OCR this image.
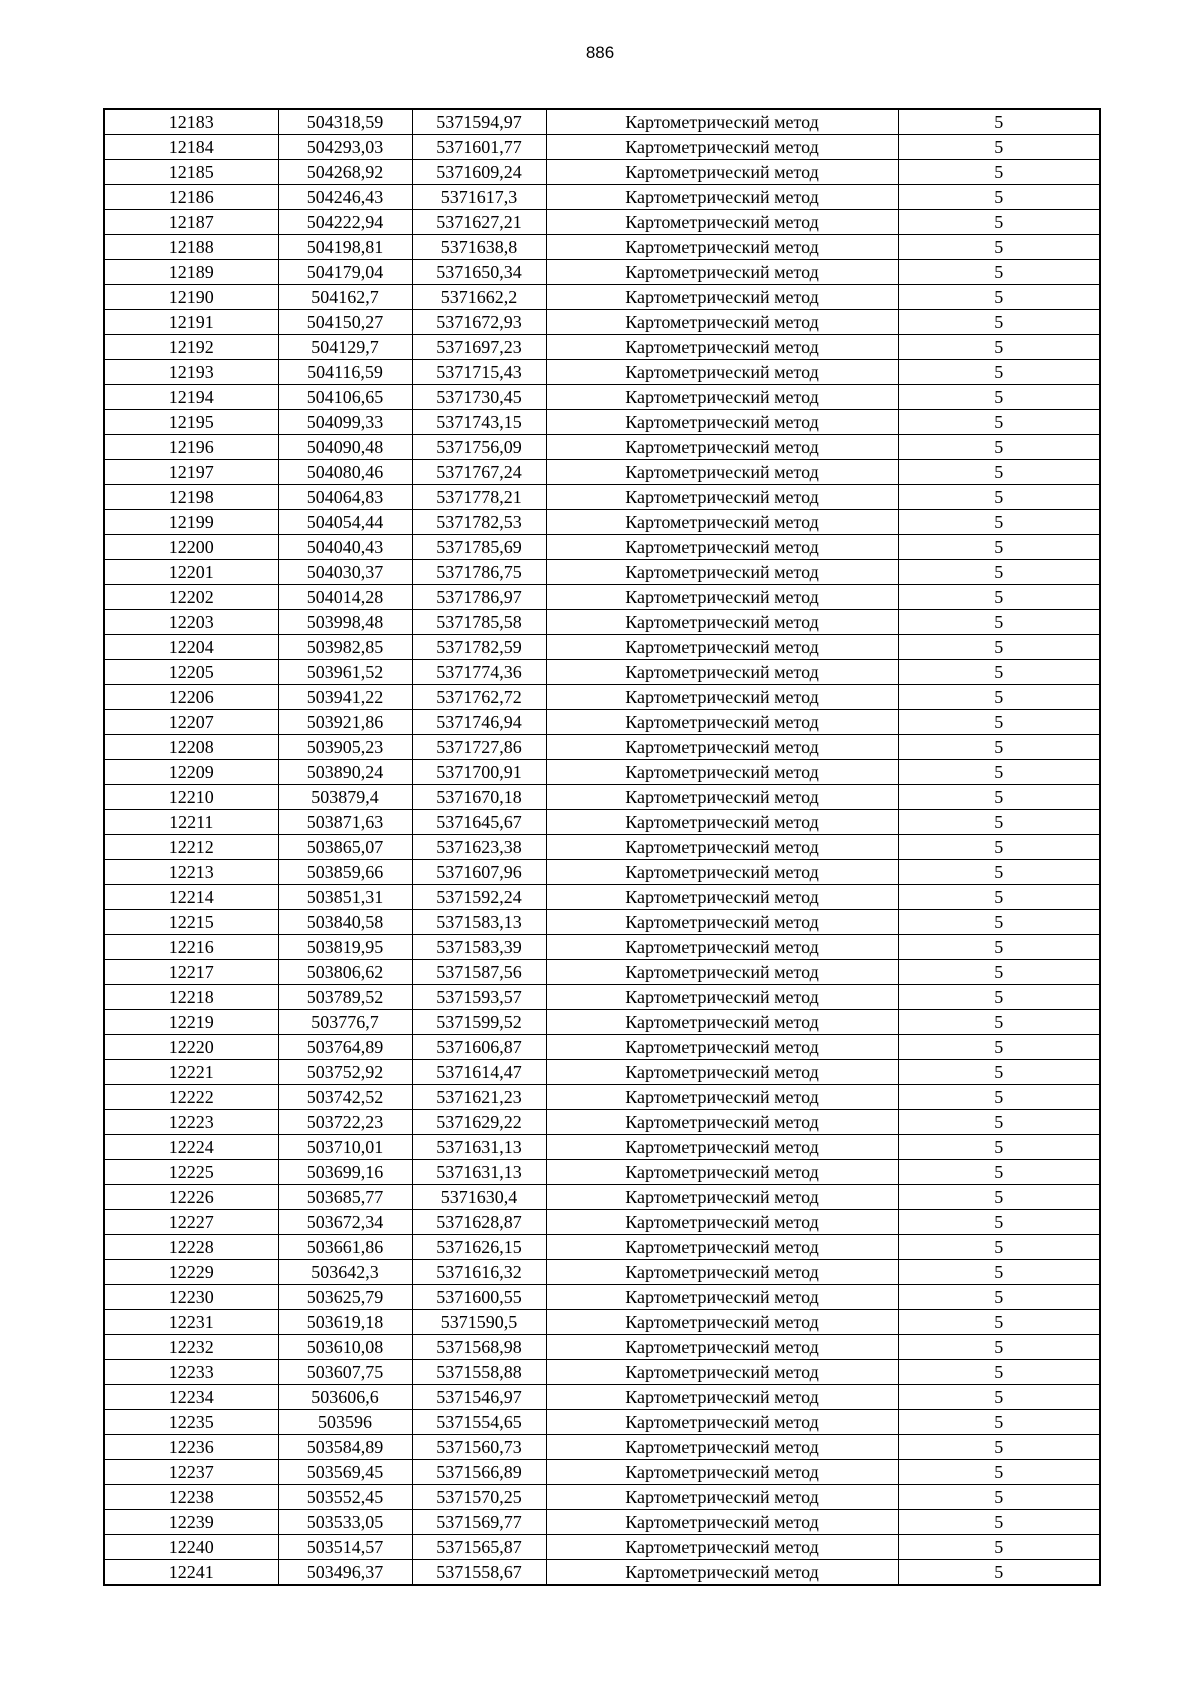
886
12183	504318,59	5371594,97	Картометрический метод	5
12184	504293,03	5371601,77	Картометрический метод	5
12185	504268,92	5371609,24	Картометрический метод	5
12186	504246,43	5371617,3	Картометрический метод	5
12187	504222,94	5371627,21	Картометрический метод	5
12188	504198,81	5371638,8	Картометрический метод	5
12189	504179,04	5371650,34	Картометрический метод	5
12190	504162,7	5371662,2	Картометрический метод	5
12191	504150,27	5371672,93	Картометрический метод	5
12192	504129,7	5371697,23	Картометрический метод	5
12193	504116,59	5371715,43	Картометрический метод	5
12194	504106,65	5371730,45	Картометрический метод	5
12195	504099,33	5371743,15	Картометрический метод	5
12196	504090,48	5371756,09	Картометрический метод	5
12197	504080,46	5371767,24	Картометрический метод	5
12198	504064,83	5371778,21	Картометрический метод	5
12199	504054,44	5371782,53	Картометрический метод	5
12200	504040,43	5371785,69	Картометрический метод	5
12201	504030,37	5371786,75	Картометрический метод	5
12202	504014,28	5371786,97	Картометрический метод	5
12203	503998,48	5371785,58	Картометрический метод	5
12204	503982,85	5371782,59	Картометрический метод	5
12205	503961,52	5371774,36	Картометрический метод	5
12206	503941,22	5371762,72	Картометрический метод	5
12207	503921,86	5371746,94	Картометрический метод	5
12208	503905,23	5371727,86	Картометрический метод	5
12209	503890,24	5371700,91	Картометрический метод	5
12210	503879,4	5371670,18	Картометрический метод	5
12211	503871,63	5371645,67	Картометрический метод	5
12212	503865,07	5371623,38	Картометрический метод	5
12213	503859,66	5371607,96	Картометрический метод	5
12214	503851,31	5371592,24	Картометрический метод	5
12215	503840,58	5371583,13	Картометрический метод	5
12216	503819,95	5371583,39	Картометрический метод	5
12217	503806,62	5371587,56	Картометрический метод	5
12218	503789,52	5371593,57	Картометрический метод	5
12219	503776,7	5371599,52	Картометрический метод	5
12220	503764,89	5371606,87	Картометрический метод	5
12221	503752,92	5371614,47	Картометрический метод	5
12222	503742,52	5371621,23	Картометрический метод	5
12223	503722,23	5371629,22	Картометрический метод	5
12224	503710,01	5371631,13	Картометрический метод	5
12225	503699,16	5371631,13	Картометрический метод	5
12226	503685,77	5371630,4	Картометрический метод	5
12227	503672,34	5371628,87	Картометрический метод	5
12228	503661,86	5371626,15	Картометрический метод	5
12229	503642,3	5371616,32	Картометрический метод	5
12230	503625,79	5371600,55	Картометрический метод	5
12231	503619,18	5371590,5	Картометрический метод	5
12232	503610,08	5371568,98	Картометрический метод	5
12233	503607,75	5371558,88	Картометрический метод	5
12234	503606,6	5371546,97	Картометрический метод	5
12235	503596	5371554,65	Картометрический метод	5
12236	503584,89	5371560,73	Картометрический метод	5
12237	503569,45	5371566,89	Картометрический метод	5
12238	503552,45	5371570,25	Картометрический метод	5
12239	503533,05	5371569,77	Картометрический метод	5
12240	503514,57	5371565,87	Картометрический метод	5
12241	503496,37	5371558,67	Картометрический метод	5
